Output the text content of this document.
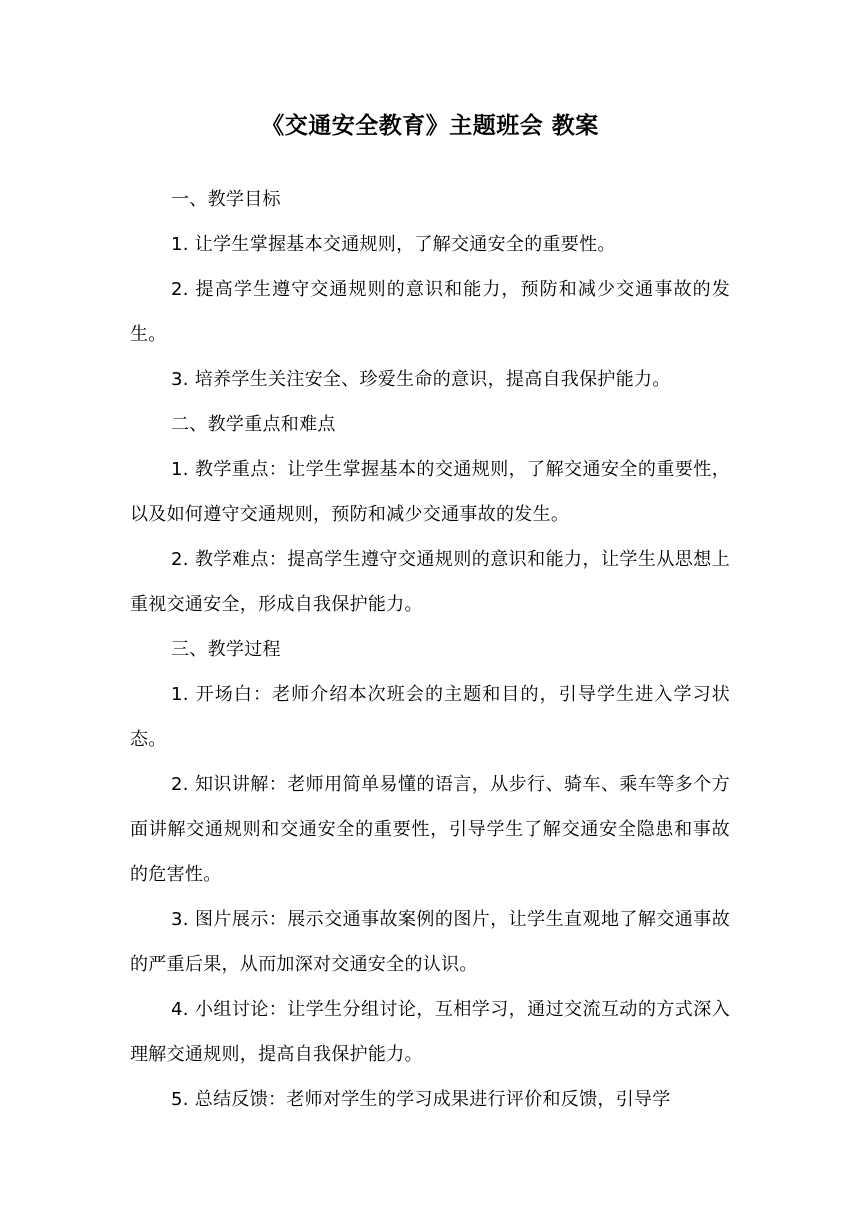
《交通安全教育》主题班会 教案

一、教学目标

1. 让学生掌握基本交通规则，了解交通安全的重要性。

2. 提高学生遵守交通规则的意识和能力，预防和减少交通事故的发生。

3. 培养学生关注安全、珍爱生命的意识，提高自我保护能力。

二、教学重点和难点

1. 教学重点：让学生掌握基本的交通规则，了解交通安全的重要性，以及如何遵守交通规则，预防和减少交通事故的发生。

2. 教学难点：提高学生遵守交通规则的意识和能力，让学生从思想上重视交通安全，形成自我保护能力。

三、教学过程

1. 开场白：老师介绍本次班会的主题和目的，引导学生进入学习状态。

2. 知识讲解：老师用简单易懂的语言，从步行、骑车、乘车等多个方面讲解交通规则和交通安全的重要性，引导学生了解交通安全隐患和事故的危害性。

3. 图片展示：展示交通事故案例的图片，让学生直观地了解交通事故的严重后果，从而加深对交通安全的认识。

4. 小组讨论：让学生分组讨论，互相学习，通过交流互动的方式深入理解交通规则，提高自我保护能力。

5. 总结反馈：老师对学生的学习成果进行评价和反馈，引导学
